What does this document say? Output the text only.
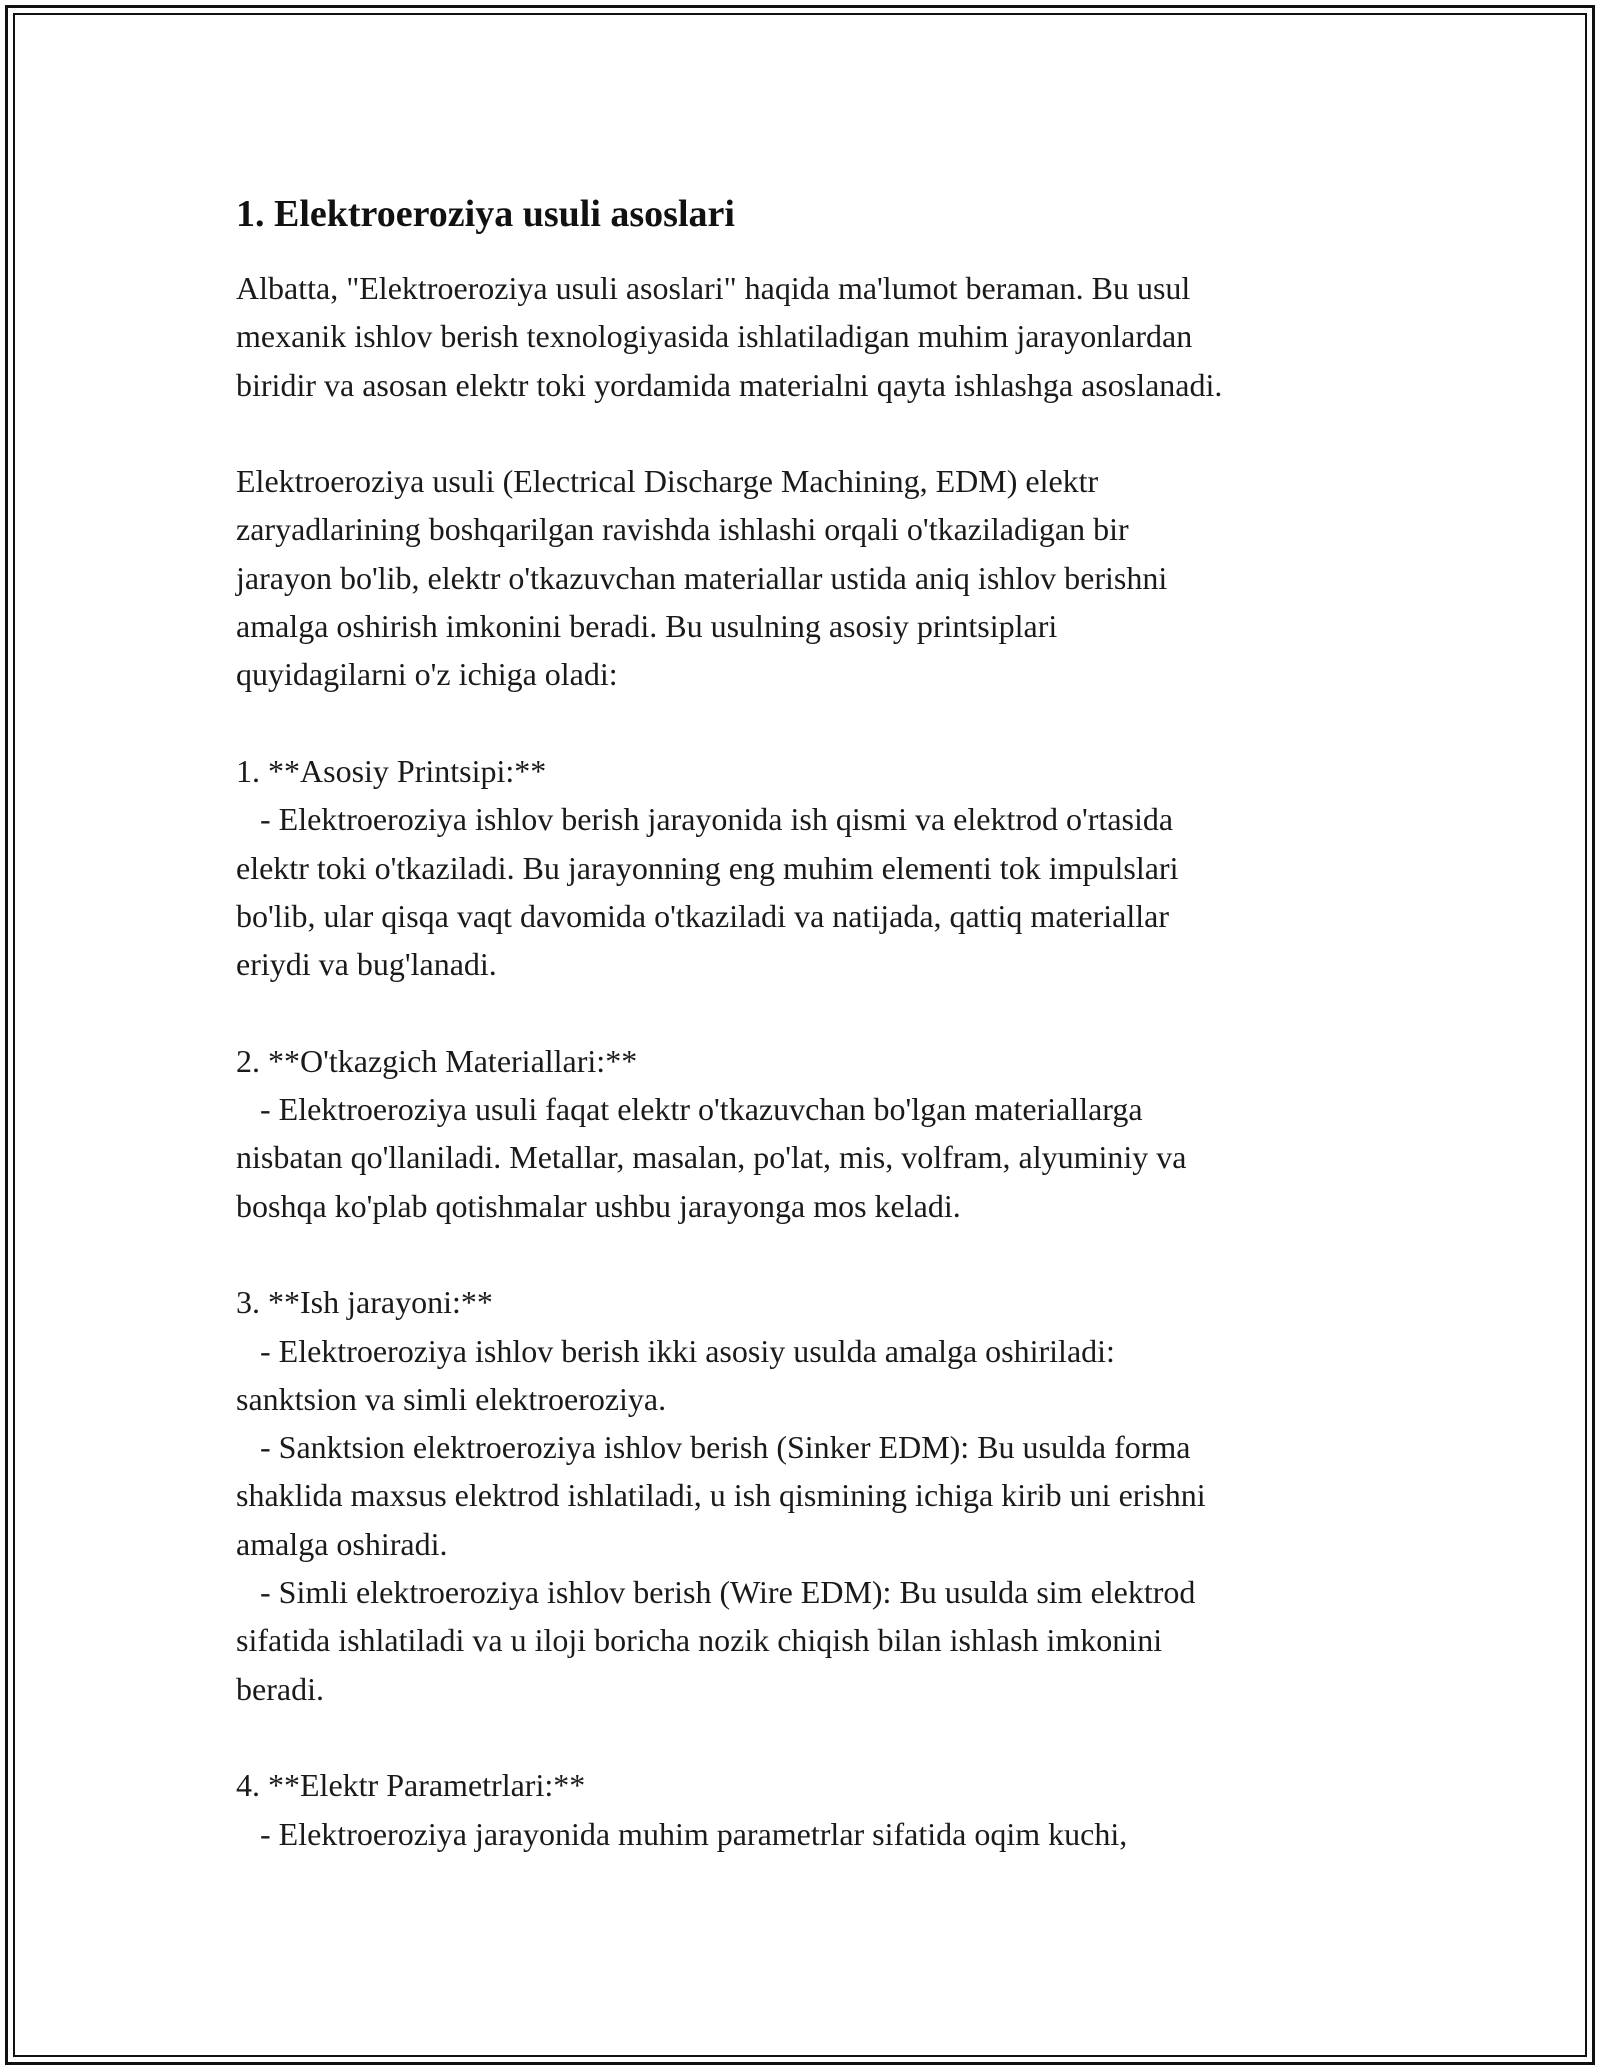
1. Elektroeroziya usuli asoslari

Albatta, "Elektroeroziya usuli asoslari" haqida ma'lumot beraman. Bu usul
mexanik ishlov berish texnologiyasida ishlatiladigan muhim jarayonlardan
biridir va asosan elektr toki yordamida materialni qayta ishlashga asoslanadi.

Elektroeroziya usuli (Electrical Discharge Machining, EDM) elektr
zaryadlarining boshqarilgan ravishda ishlashi orqali o'tkaziladigan bir
jarayon bo'lib, elektr o'tkazuvchan materiallar ustida aniq ishlov berishni
amalga oshirish imkonini beradi. Bu usulning asosiy printsiplari
quyidagilarni o'z ichiga oladi:

1. **Asosiy Printsipi:**
- Elektroeroziya ishlov berish jarayonida ish qismi va elektrod o'rtasida
elektr toki o'tkaziladi. Bu jarayonning eng muhim elementi tok impulslari
bo'lib, ular qisqa vaqt davomida o'tkaziladi va natijada, qattiq materiallar
eriydi va bug'lanadi.

2. **O'tkazgich Materiallari:**
- Elektroeroziya usuli faqat elektr o'tkazuvchan bo'lgan materiallarga
nisbatan qo'llaniladi. Metallar, masalan, po'lat, mis, volfram, alyuminiy va
boshqa ko'plab qotishmalar ushbu jarayonga mos keladi.

3. **Ish jarayoni:**
- Elektroeroziya ishlov berish ikki asosiy usulda amalga oshiriladi:
sanktsion va simli elektroeroziya.
- Sanktsion elektroeroziya ishlov berish (Sinker EDM): Bu usulda forma
shaklida maxsus elektrod ishlatiladi, u ish qismining ichiga kirib uni erishni
amalga oshiradi.
- Simli elektroeroziya ishlov berish (Wire EDM): Bu usulda sim elektrod
sifatida ishlatiladi va u iloji boricha nozik chiqish bilan ishlash imkonini
beradi.

4. **Elektr Parametrlari:**
- Elektroeroziya jarayonida muhim parametrlar sifatida oqim kuchi,
